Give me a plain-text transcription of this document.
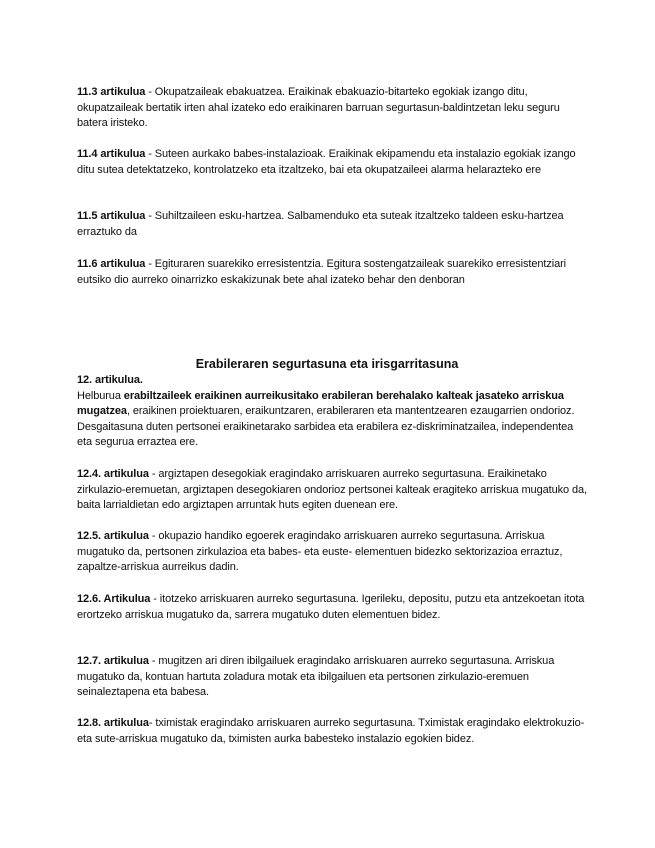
11.3 artikulua - Okupatzaileak ebakuatzea. Eraikinak ebakuazio-bitarteko egokiak izango ditu, okupatzaileak bertatik irten ahal izateko edo eraikinaren barruan segurtasun-baldintzetan leku seguru batera iristeko.

11.4 artikulua - Suteen aurkako babes-instalazioak. Eraikinak ekipamendu eta instalazio egokiak izango ditu sutea detektatzeko, kontrolatzeko eta itzaltzeko, bai eta okupatzaileei alarma helarazteko ere

11.5 artikulua - Suhiltzaileen esku-hartzea. Salbamenduko eta suteak itzaltzeko taldeen esku-hartzea erraztuko da

11.6 artikulua - Egituraren suarekiko erresistentzia. Egitura sostengatzaileak suarekiko erresistentziari eutsiko dio aurreko oinarrizko eskakizunak bete ahal izateko behar den denboran

Erabileraren segurtasuna eta irisgarritasuna
12. artikulua.
Helburua erabiltzaileek eraikinen aurreikusitako erabileran berehalako kalteak jasateko arriskua mugatzea, eraikinen proiektuaren, eraikuntzaren, erabileraren eta mantentzearen ezaugarrien ondorioz. Desgaitasuna duten pertsonei eraikinetarako sarbidea eta erabilera ez-diskriminatzailea, independentea eta segurua erraztea ere.

12.4. artikulua - argiztapen desegokiak eragindako arriskuaren aurreko segurtasuna. Eraikinetako zirkulazio-eremuetan, argiztapen desegokiaren ondorioz pertsonei kalteak eragiteko arriskua mugatuko da, baita larrialdietan edo argiztapen arruntak huts egiten duenean ere.

12.5. artikulua - okupazio handiko egoerek eragindako arriskuaren aurreko segurtasuna. Arriskua mugatuko da, pertsonen zirkulazioa eta babes- eta euste- elementuen bidezko sektorizazioa erraztuz, zapaltze-arriskua aurreikus dadin.

12.6. Artikulua - itotzeko arriskuaren aurreko segurtasuna. Igerileku, depositu, putzu eta antzekoetan itota erortzeko arriskua mugatuko da, sarrera mugatuko duten elementuen bidez.

12.7. artikulua - mugitzen ari diren ibilgailuek eragindako arriskuaren aurreko segurtasuna. Arriskua mugatuko da, kontuan hartuta zoladura motak eta ibilgailuen eta pertsonen zirkulazio-eremuen seinaleztapena eta babesa.

12.8. artikulua- tximistak eragindako arriskuaren aurreko segurtasuna. Tximistak eragindako elektrokuzio- eta sute-arriskua mugatuko da, tximisten aurka babesteko instalazio egokien bidez.
